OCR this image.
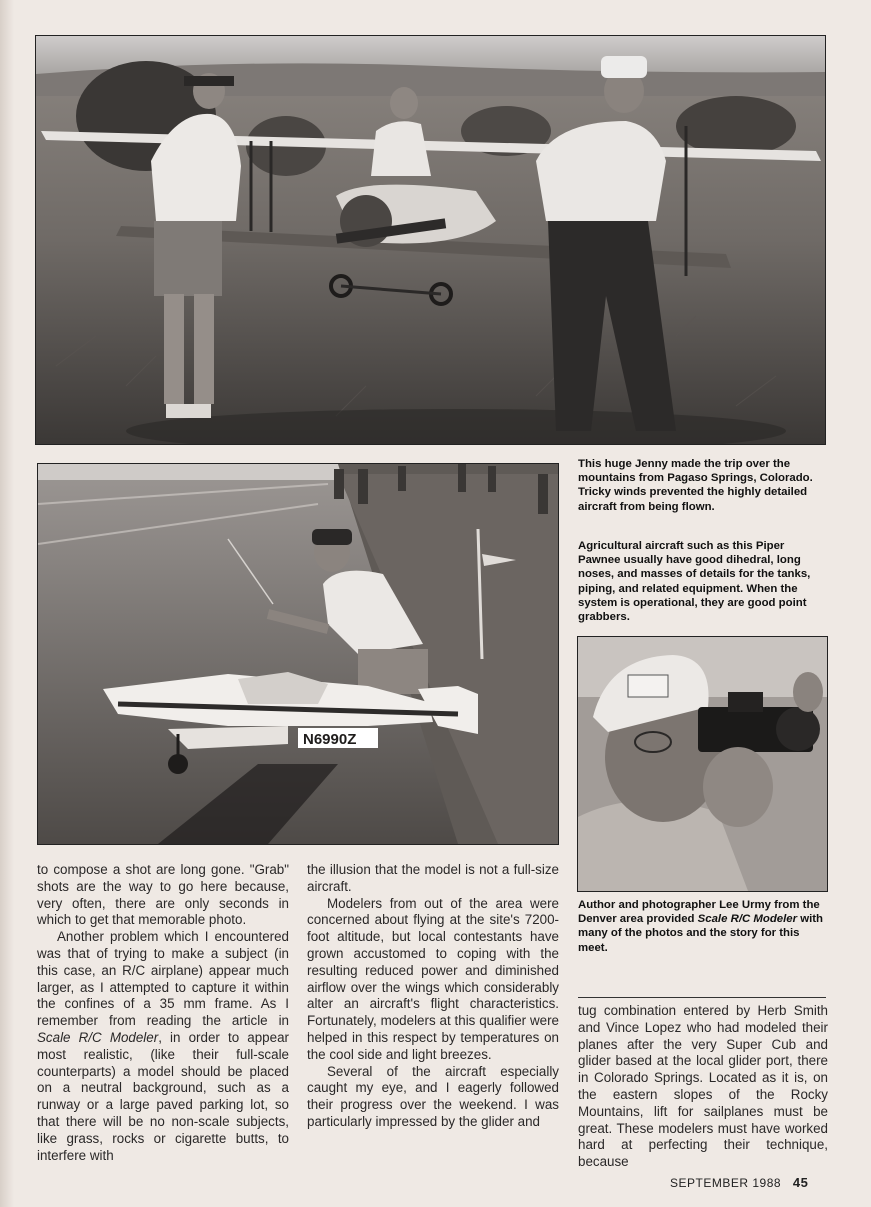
N6990Z

This huge Jenny made the trip over the mountains from Pagaso Springs, Colorado. Tricky winds prevented the highly detailed aircraft from being flown.

Agricultural aircraft such as this Piper Pawnee usually have good dihedral, long noses, and masses of details for the tanks, piping, and related equipment. When the system is operational, they are good point grabbers.

Author and photographer Lee Urmy from the Denver area provided Scale R/C Modeler with many of the photos and the story for this meet.

to compose a shot are long gone. "Grab" shots are the way to go here because, very often, there are only seconds in which to get that memorable photo.

Another problem which I encountered was that of trying to make a subject (in this case, an R/C airplane) appear much larger, as I attempted to capture it within the confines of a 35 mm frame. As I remember from reading the article in Scale R/C Modeler, in order to appear most realistic, (like their full-scale counterparts) a model should be placed on a neutral background, such as a runway or a large paved parking lot, so that there will be no non-scale subjects, like grass, rocks or cigarette butts, to interfere with

the illusion that the model is not a full-size aircraft.

Modelers from out of the area were concerned about flying at the site's 7200-foot altitude, but local contestants have grown accustomed to coping with the resulting reduced power and diminished airflow over the wings which considerably alter an aircraft's flight characteristics. Fortunately, modelers at this qualifier were helped in this respect by temperatures on the cool side and light breezes.

Several of the aircraft especially caught my eye, and I eagerly followed their progress over the weekend. I was particularly impressed by the glider and

tug combination entered by Herb Smith and Vince Lopez who had modeled their planes after the very Super Cub and glider based at the local glider port, there in Colorado Springs. Located as it is, on the eastern slopes of the Rocky Mountains, lift for sailplanes must be great. These modelers must have worked hard at perfecting their technique, because

SEPTEMBER 1988 45
